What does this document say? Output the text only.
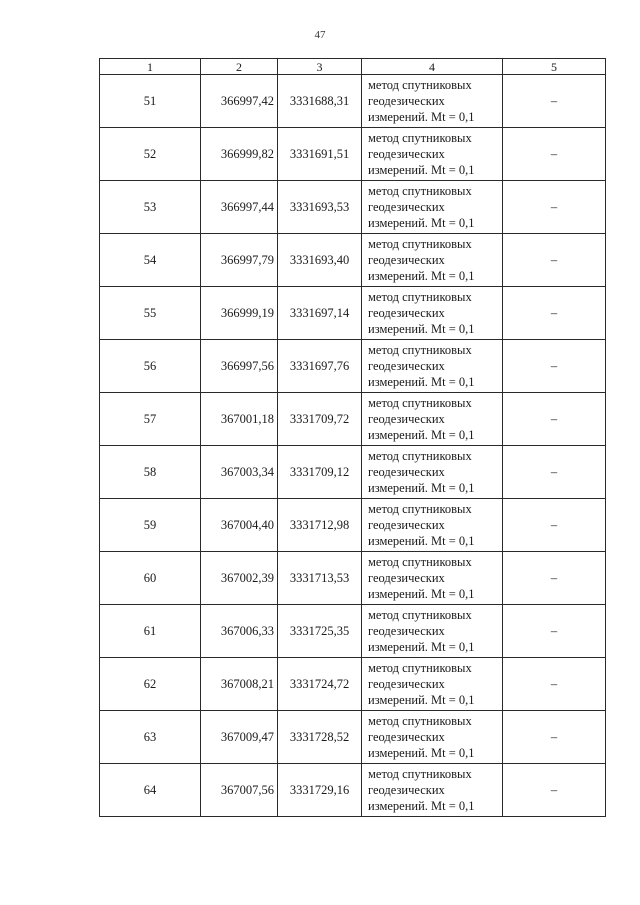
47
1	2	3	4	5
51	366997,42	3331688,31	метод спутниковых
геодезических
измерений. Mt = 0,1	–
52	366999,82	3331691,51	метод спутниковых
геодезических
измерений. Mt = 0,1	–
53	366997,44	3331693,53	метод спутниковых
геодезических
измерений. Mt = 0,1	–
54	366997,79	3331693,40	метод спутниковых
геодезических
измерений. Mt = 0,1	–
55	366999,19	3331697,14	метод спутниковых
геодезических
измерений. Mt = 0,1	–
56	366997,56	3331697,76	метод спутниковых
геодезических
измерений. Mt = 0,1	–
57	367001,18	3331709,72	метод спутниковых
геодезических
измерений. Mt = 0,1	–
58	367003,34	3331709,12	метод спутниковых
геодезических
измерений. Mt = 0,1	–
59	367004,40	3331712,98	метод спутниковых
геодезических
измерений. Mt = 0,1	–
60	367002,39	3331713,53	метод спутниковых
геодезических
измерений. Mt = 0,1	–
61	367006,33	3331725,35	метод спутниковых
геодезических
измерений. Mt = 0,1	–
62	367008,21	3331724,72	метод спутниковых
геодезических
измерений. Mt = 0,1	–
63	367009,47	3331728,52	метод спутниковых
геодезических
измерений. Mt = 0,1	–
64	367007,56	3331729,16	метод спутниковых
геодезических
измерений. Mt = 0,1	–
